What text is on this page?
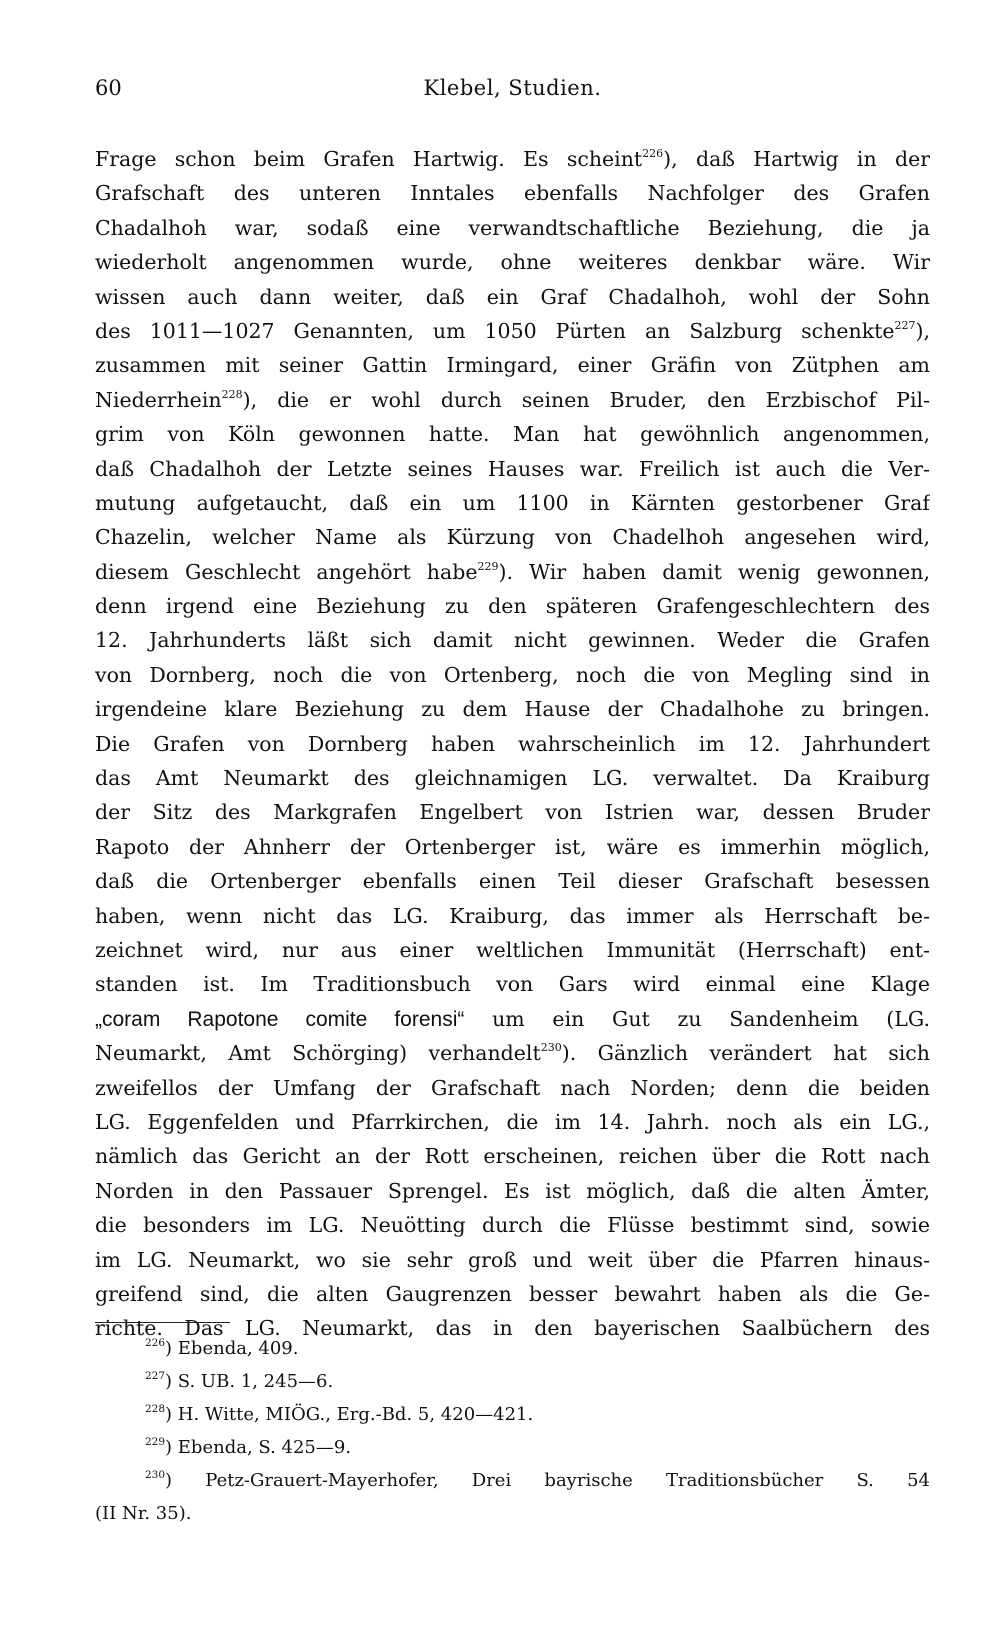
60	Klebel, Studien.
Frage schon beim Grafen Hartwig. Es scheint$^{226}$), daß Hartwig in der
Grafschaft des unteren Inntales ebenfalls Nachfolger des Grafen
Chadalhoh war, sodaß eine verwandtschaftliche Beziehung, die ja
wiederholt angenommen wurde, ohne weiteres denkbar wäre. Wir
wissen auch dann weiter, daß ein Graf Chadalhoh, wohl der Sohn
des 1011—1027 Genannten, um 1050 Pürten an Salzburg schenkte$^{227}$),
zusammen mit seiner Gattin Irmingard, einer Gräfin von Zütphen am
Niederrhein$^{228}$), die er wohl durch seinen Bruder, den Erzbischof Pil-
grim von Köln gewonnen hatte. Man hat gewöhnlich angenommen,
daß Chadalhoh der Letzte seines Hauses war. Freilich ist auch die Ver-
mutung aufgetaucht, daß ein um 1100 in Kärnten gestorbener Graf
Chazelin, welcher Name als Kürzung von Chadelhoh angesehen wird,
diesem Geschlecht angehört habe$^{229}$). Wir haben damit wenig gewonnen,
denn irgend eine Beziehung zu den späteren Grafengeschlechtern des
12. Jahrhunderts läßt sich damit nicht gewinnen. Weder die Grafen
von Dornberg, noch die von Ortenberg, noch die von Megling sind in
irgendeine klare Beziehung zu dem Hause der Chadalhohe zu bringen.
Die Grafen von Dornberg haben wahrscheinlich im 12. Jahrhundert
das Amt Neumarkt des gleichnamigen LG. verwaltet. Da Kraiburg
der Sitz des Markgrafen Engelbert von Istrien war, dessen Bruder
Rapoto der Ahnherr der Ortenberger ist, wäre es immerhin möglich,
daß die Ortenberger ebenfalls einen Teil dieser Grafschaft besessen
haben, wenn nicht das LG. Kraiburg, das immer als Herrschaft be-
zeichnet wird, nur aus einer weltlichen Immunität (Herrschaft) ent-
standen ist. Im Traditionsbuch von Gars wird einmal eine Klage
„coram Rapotone comite forensi“ um ein Gut zu Sandenheim (LG.
Neumarkt, Amt Schörging) verhandelt$^{230}$). Gänzlich verändert hat sich
zweifellos der Umfang der Grafschaft nach Norden; denn die beiden
LG. Eggenfelden und Pfarrkirchen, die im 14. Jahrh. noch als ein LG.,
nämlich das Gericht an der Rott erscheinen, reichen über die Rott nach
Norden in den Passauer Sprengel. Es ist möglich, daß die alten Ämter,
die besonders im LG. Neuötting durch die Flüsse bestimmt sind, sowie
im LG. Neumarkt, wo sie sehr groß und weit über die Pfarren hinaus-
greifend sind, die alten Gaugrenzen besser bewahrt haben als die Ge-
richte. Das LG. Neumarkt, das in den bayerischen Saalbüchern des
$^{226}$) Ebenda, 409.
$^{227}$) S. UB. 1, 245—6.
$^{228}$) H. Witte, MIÖG., Erg.-Bd. 5, 420—421.
$^{229}$) Ebenda, S. 425—9.
$^{230}$) Petz-Grauert-Mayerhofer, Drei bayrische Traditionsbücher S. 54
(II Nr. 35).
